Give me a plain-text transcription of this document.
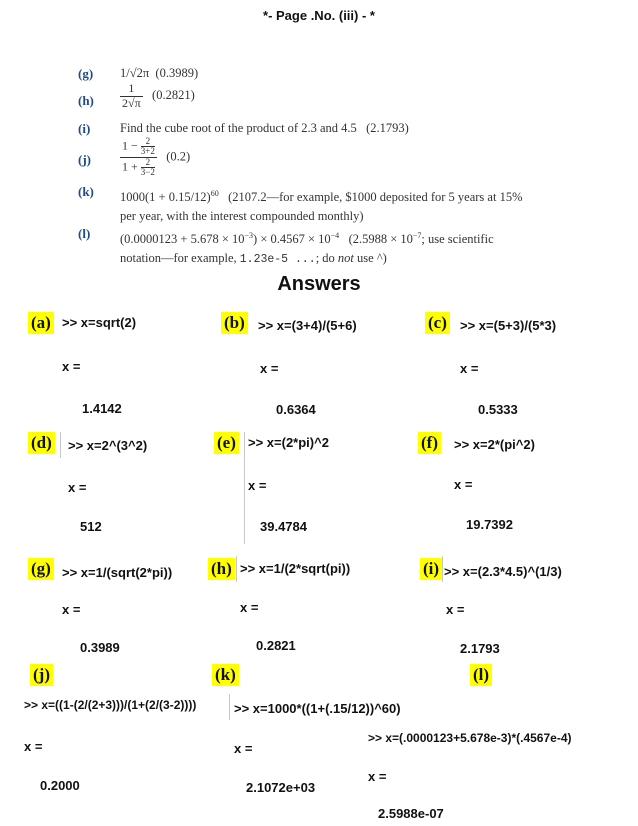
*- Page .No. (iii) - *
(g) 1/√2π (0.3989)
$(h) \frac{1}{2√\pi} (0.2821)$
(i) Find the cube root of the product of 2.3 and 4.5 (2.1793)
$(j) \frac{1 - \frac{2}{3+2}}{1 + \frac{2}{3-2}} (0.2)$
(k) $1000(1 + 0.15/12)^{60}$ (2107.2—for example, $1000 deposited for 5 years at 15%
per year, with the interest compounded monthly)
(l) $(0.0000123 + 5.678 \times 10^{-3}) \times 0.4567 \times 10^{-4}$ ($2.5988 \times 10^{-7}$; use scientific
notation—for example, 1.23e-5 ...; do not use ^)
Answers
(a) >> x=sqrt(2)
x =
1.4142
(b) >> x=(3+4)/(5+6)
x =
0.6364
(c) >> x=(5+3)/(5*3)
x =
0.5333
(d) >> x=2^(3^2)
x =
512
(e) >> x=(2*pi)^2
x =
39.4784
(f) >> x=2*(pi^2)
x =
19.7392
(g) >> x=1/(sqrt(2*pi))
x =
0.3989
(h) >> x=1/(2*sqrt(pi))
x =
0.2821
(i) >> x=(2.3*4.5)^(1/3)
x =
2.1793
(j)
>> x=((1-(2/(2+3)))/(1+(2/(3-2))))
x =
0.2000
(k)
>> x=1000*((1+(.15/12))^60)
x =
2.1072e+03
(l)
>> x=(.0000123+5.678e-3)*(.4567e-4)
x =
2.5988e-07
